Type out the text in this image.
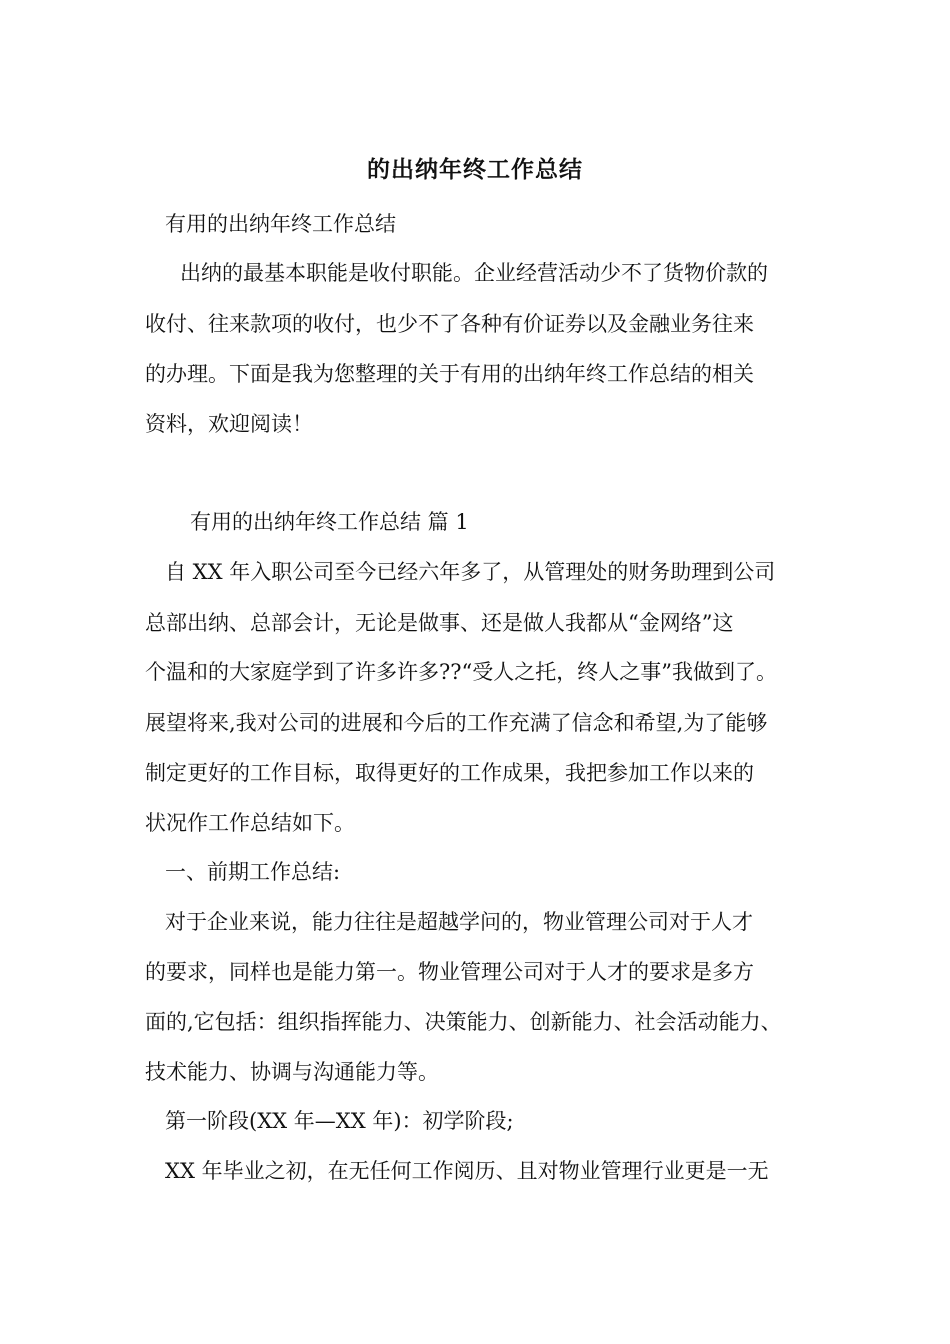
的出纳年终工作总结
有用的出纳年终工作总结
出纳的最基本职能是收付职能。企业经营活动少不了货物价款的
收付、往来款项的收付，也少不了各种有价证券以及金融业务往来
的办理。下面是我为您整理的关于有用的出纳年终工作总结的相关
资料，欢迎阅读！
有用的出纳年终工作总结 篇 1
自 XX 年入职公司至今已经六年多了，从管理处的财务助理到公司
总部出纳、总部会计，无论是做事、还是做人我都从“金网络”这
个温和的大家庭学到了许多许多??“受人之托，终人之事”我做到了。
展望将来,我对公司的进展和今后的工作充满了信念和希望,为了能够
制定更好的工作目标，取得更好的工作成果，我把参加工作以来的
状况作工作总结如下。
一、前期工作总结:
对于企业来说，能力往往是超越学问的，物业管理公司对于人才
的要求，同样也是能力第一。物业管理公司对于人才的要求是多方
面的,它包括：组织指挥能力、决策能力、创新能力、社会活动能力、
技术能力、协调与沟通能力等。
第一阶段(XX 年—XX 年)：初学阶段;
XX 年毕业之初，在无任何工作阅历、且对物业管理行业更是一无
